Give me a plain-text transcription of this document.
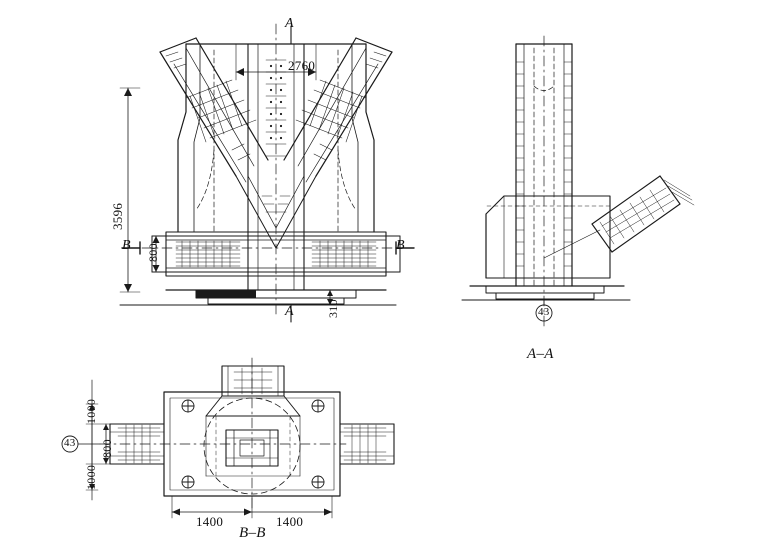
A
A
B	B
2760
3596
800
310
A–A
43
B–B
43
1000
800
1000
1400	1400
